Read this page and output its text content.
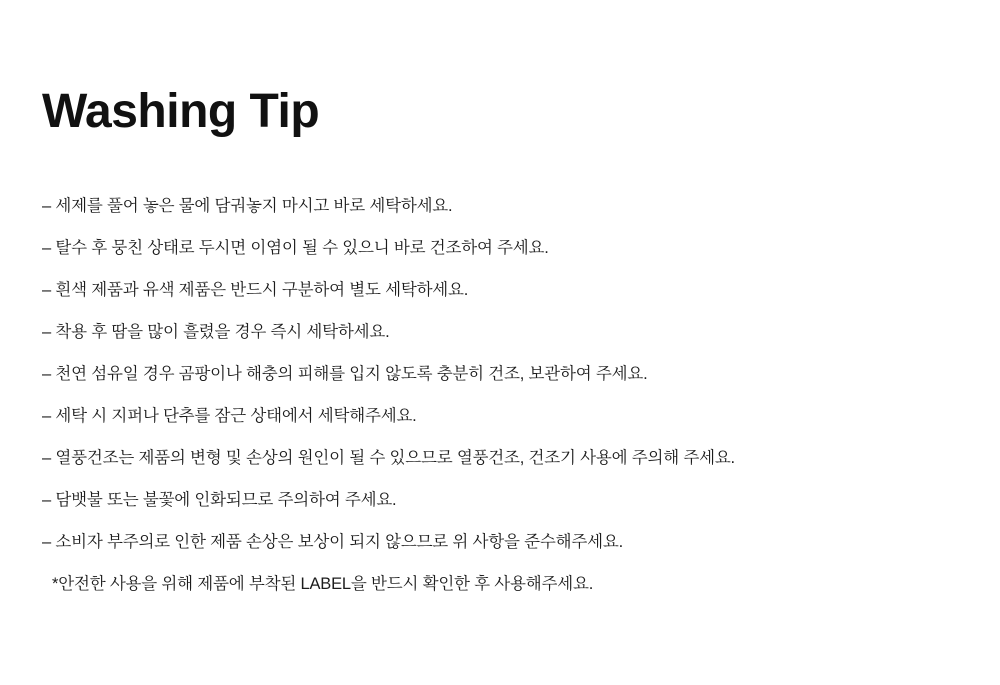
Washing Tip
– 세제를 풀어 놓은 물에 담궈놓지 마시고 바로 세탁하세요.
– 탈수 후 뭉친 상태로 두시면 이염이 될 수 있으니 바로 건조하여 주세요.
– 흰색 제품과 유색 제품은 반드시 구분하여 별도 세탁하세요.
– 착용 후 땀을 많이 흘렸을 경우 즉시 세탁하세요.
– 천연 섬유일 경우 곰팡이나 해충의 피해를 입지 않도록 충분히 건조, 보관하여 주세요.
– 세탁 시 지퍼나 단추를 잠근 상태에서 세탁해주세요.
– 열풍건조는 제품의 변형 및 손상의 원인이 될 수 있으므로 열풍건조, 건조기 사용에 주의해 주세요.
– 담뱃불 또는 불꽃에 인화되므로 주의하여 주세요.
– 소비자 부주의로 인한 제품 손상은 보상이 되지 않으므로 위 사항을 준수해주세요.
*안전한 사용을 위해 제품에 부착된 LABEL을 반드시 확인한 후 사용해주세요.
